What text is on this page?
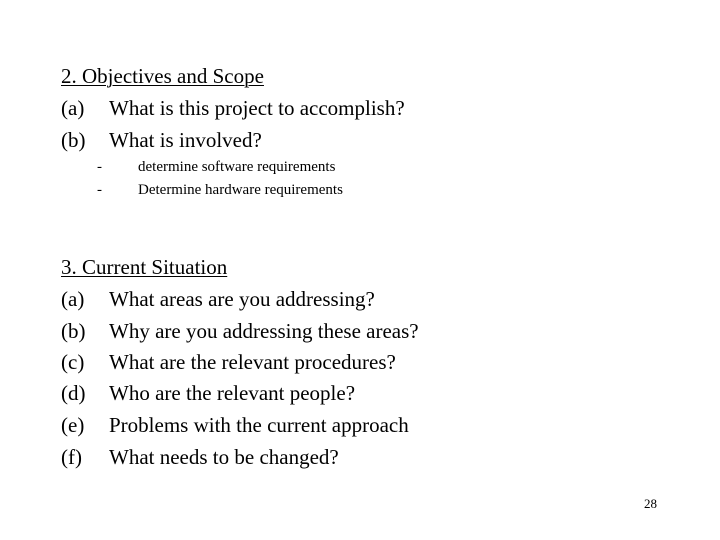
2. Objectives and Scope
(a) What is this project to accomplish?
(b) What is involved?
- determine software requirements
- Determine hardware requirements
3. Current Situation
(a) What areas are you addressing?
(b) Why are you addressing these areas?
(c) What are the relevant procedures?
(d) Who are the relevant people?
(e) Problems with the current approach
(f) What needs to be changed?
28
